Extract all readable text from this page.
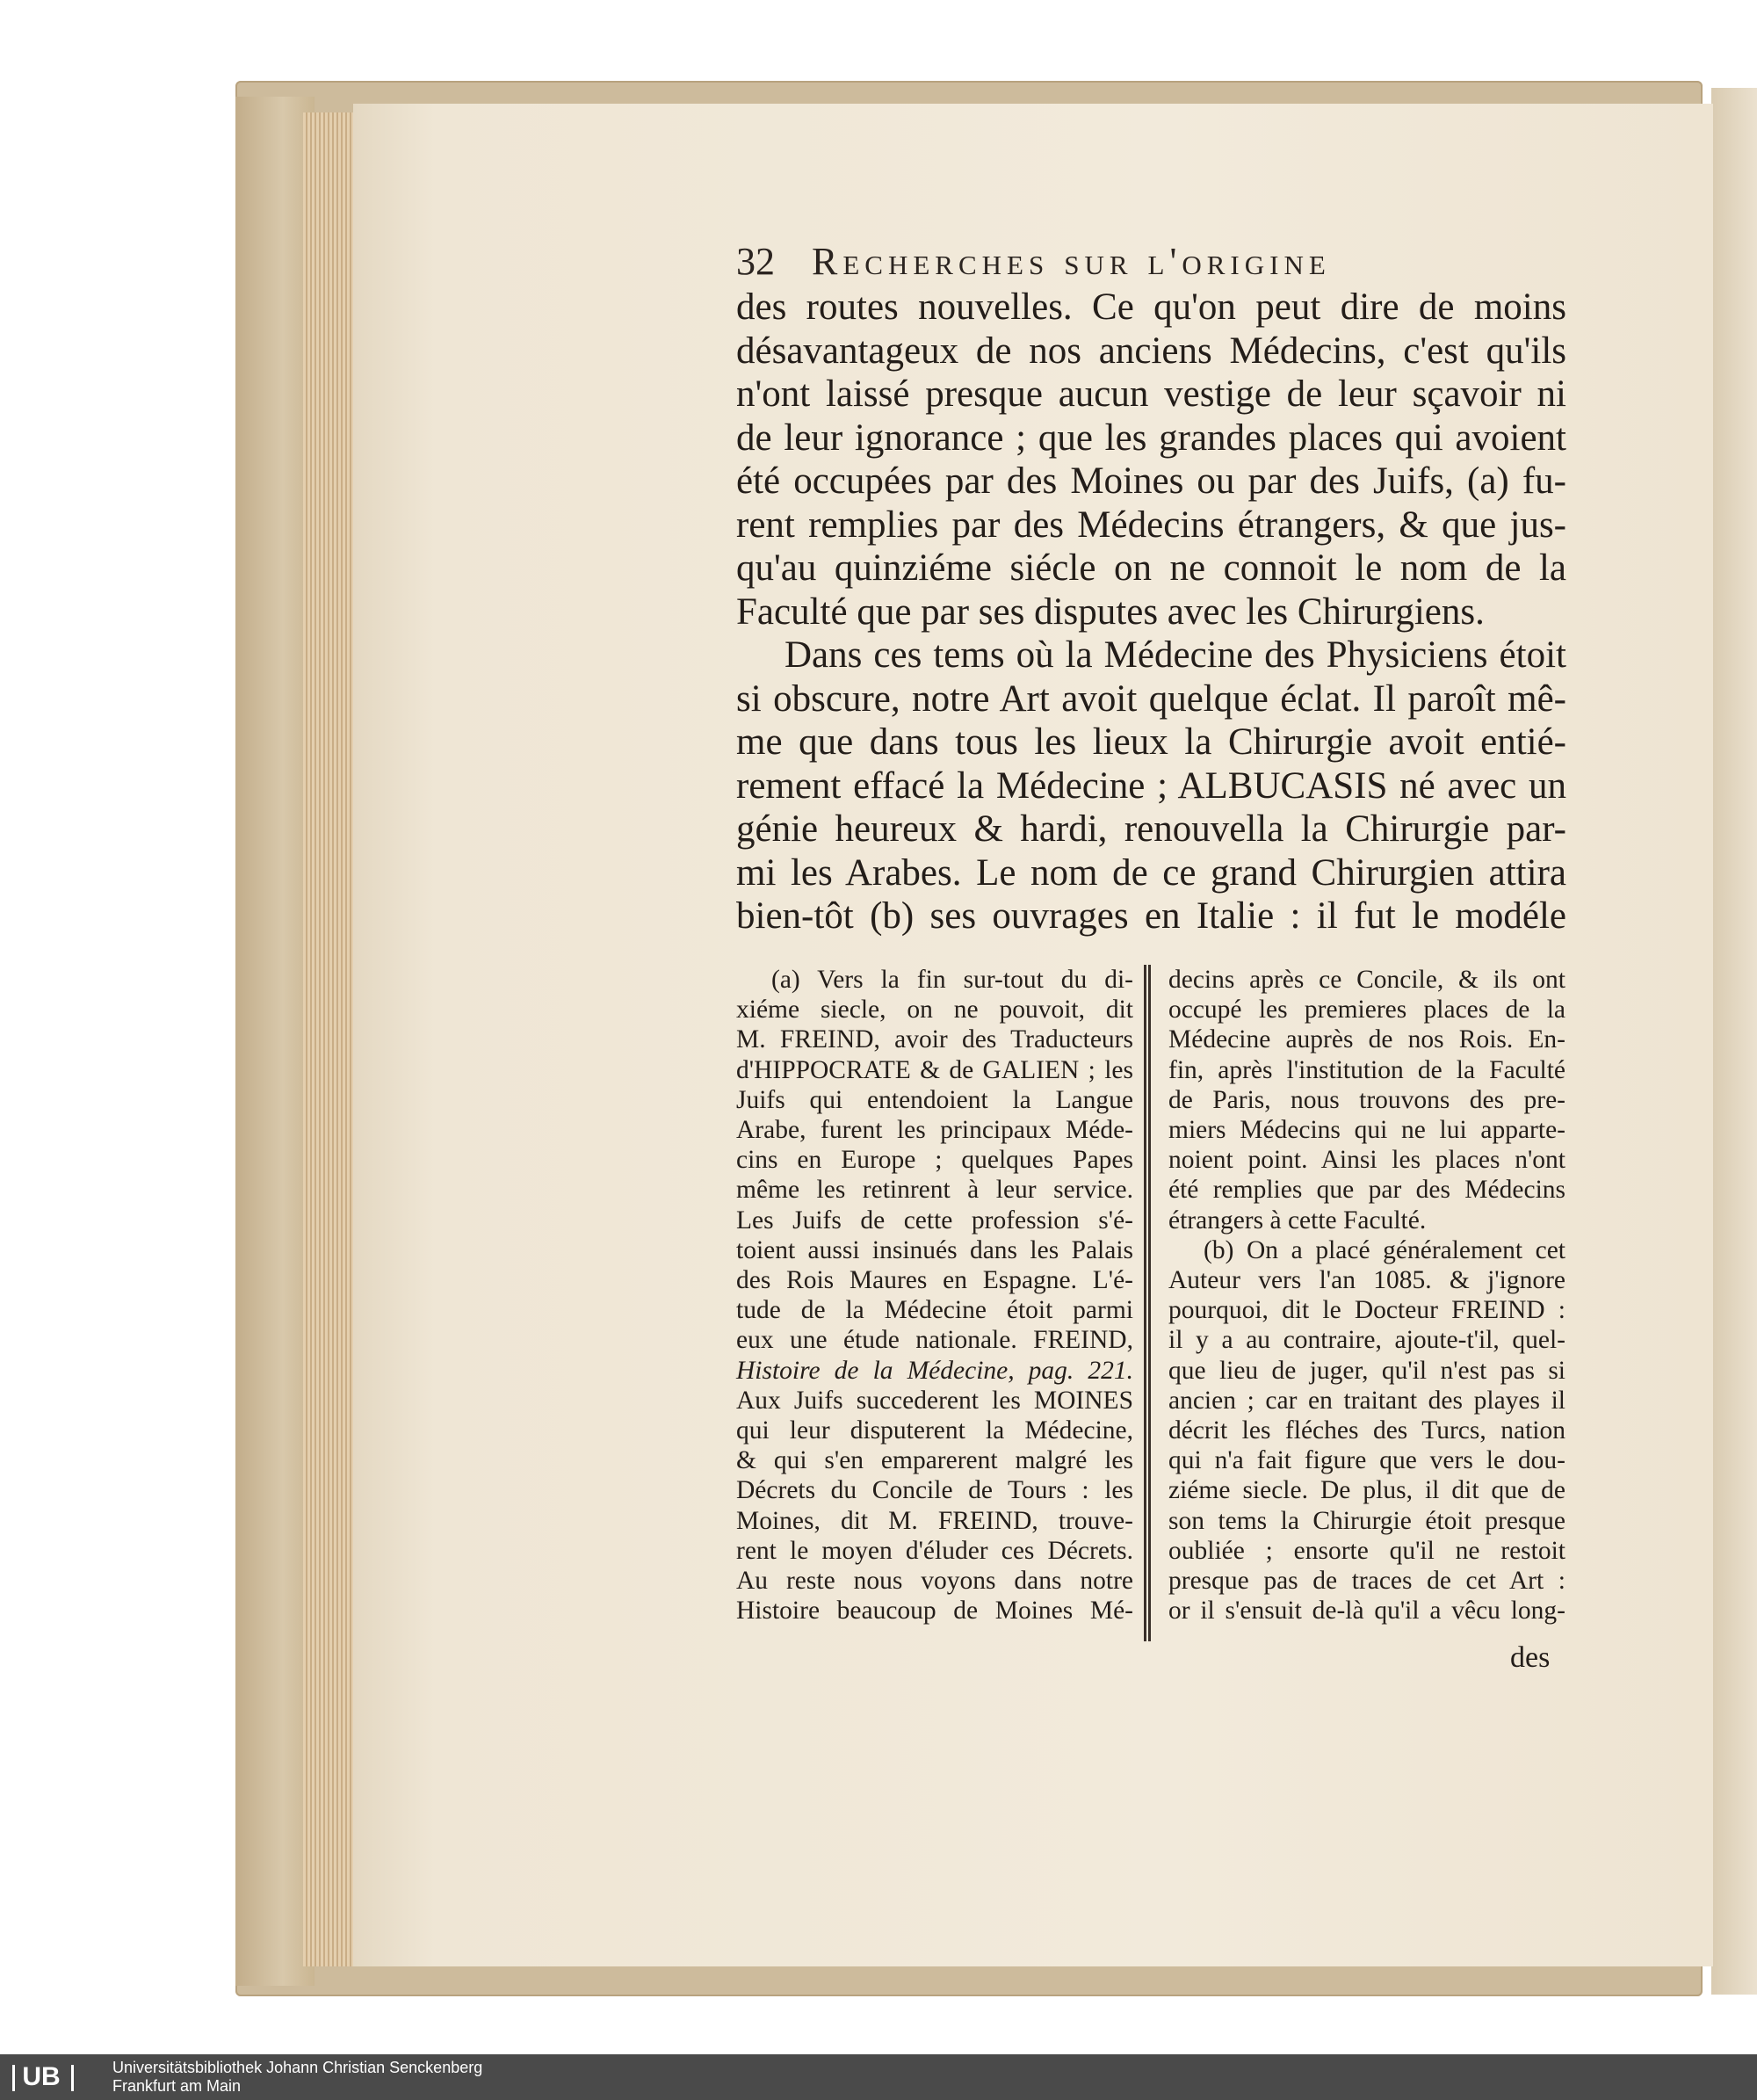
32 Recherches sur l'origine
des routes nouvelles. Ce qu'on peut dire de moins
désavantageux de nos anciens Médecins, c'est qu'ils
n'ont laissé presque aucun vestige de leur sçavoir ni
de leur ignorance ; que les grandes places qui avoient
été occupées par des Moines ou par des Juifs, (a) fu-
rent remplies par des Médecins étrangers, & que jus-
qu'au quinziéme siécle on ne connoit le nom de la
Faculté que par ses disputes avec les Chirurgiens.
Dans ces tems où la Médecine des Physiciens étoit
si obscure, notre Art avoit quelque éclat. Il paroît mê-
me que dans tous les lieux la Chirurgie avoit entié-
rement effacé la Médecine ; ALBUCASIS né avec un
génie heureux & hardi, renouvella la Chirurgie par-
mi les Arabes. Le nom de ce grand Chirurgien attira
bien-tôt (b) ses ouvrages en Italie : il fut le modéle
(a) Vers la fin sur-tout du di-
xiéme siecle, on ne pouvoit, dit
M. FREIND, avoir des Traducteurs
d'HIPPOCRATE & de GALIEN ; les
Juifs qui entendoient la Langue
Arabe, furent les principaux Méde-
cins en Europe ; quelques Papes
même les retinrent à leur service.
Les Juifs de cette profession s'é-
toient aussi insinués dans les Palais
des Rois Maures en Espagne. L'é-
tude de la Médecine étoit parmi
eux une étude nationale. FREIND,
Histoire de la Médecine, pag. 221.
Aux Juifs succederent les MOINES
qui leur disputerent la Médecine,
& qui s'en emparerent malgré les
Décrets du Concile de Tours : les
Moines, dit M. FREIND, trouve-
rent le moyen d'éluder ces Décrets.
Au reste nous voyons dans notre
Histoire beaucoup de Moines Mé-
decins après ce Concile, & ils ont
occupé les premieres places de la
Médecine auprès de nos Rois. En-
fin, après l'institution de la Faculté
de Paris, nous trouvons des pre-
miers Médecins qui ne lui apparte-
noient point. Ainsi les places n'ont
été remplies que par des Médecins
étrangers à cette Faculté.
(b) On a placé généralement cet
Auteur vers l'an 1085. & j'ignore
pourquoi, dit le Docteur FREIND :
il y a au contraire, ajoute-t'il, quel-
que lieu de juger, qu'il n'est pas si
ancien ; car en traitant des playes il
décrit les fléches des Turcs, nation
qui n'a fait figure que vers le dou-
ziéme siecle. De plus, il dit que de
son tems la Chirurgie étoit presque
oubliée ; ensorte qu'il ne restoit
presque pas de traces de cet Art :
or il s'ensuit de-là qu'il a vêcu long-
des
UB	Universitätsbibliothek Johann Christian Senckenberg
Frankfurt am Main
